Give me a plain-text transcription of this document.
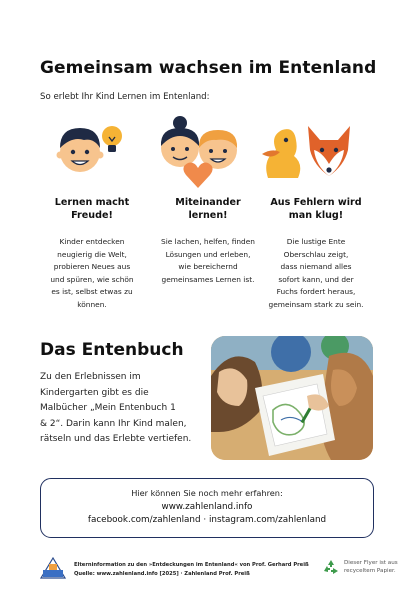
Gemeinsam wachsen im Entenland
So erlebt Ihr Kind Lernen im Entenland:
Lernen macht
Freude!
Miteinander
lernen!
Aus Fehlern wird
man klug!
Kinder entdecken
neugierig die Welt,
probieren Neues aus
und spüren, wie schön
es ist, selbst etwas zu
können.
Sie lachen, helfen, finden
Lösungen und erleben,
wie bereichernd
gemeinsames Lernen ist.
Die lustige Ente
Oberschlau zeigt,
dass niemand alles
sofort kann, und der
Fuchs fordert heraus,
gemeinsam stark zu sein.
Das Entenbuch
Zu den Erlebnissen im
Kindergarten gibt es die
Malbücher „Mein Entenbuch 1
& 2“. Darin kann Ihr Kind malen,
rätseln und das Erlebte vertiefen.
Hier können Sie noch mehr erfahren:
www.zahlenland.info
facebook.com/zahlenland · instagram.com/zahlenland
Elterninformation zu den »Entdeckungen im Entenland« von Prof. Gerhard Preiß
Quelle: www.zahlenland.info [2025] · Zahlenland Prof. Preiß
Dieser Flyer ist aus
recyceltem Papier.
